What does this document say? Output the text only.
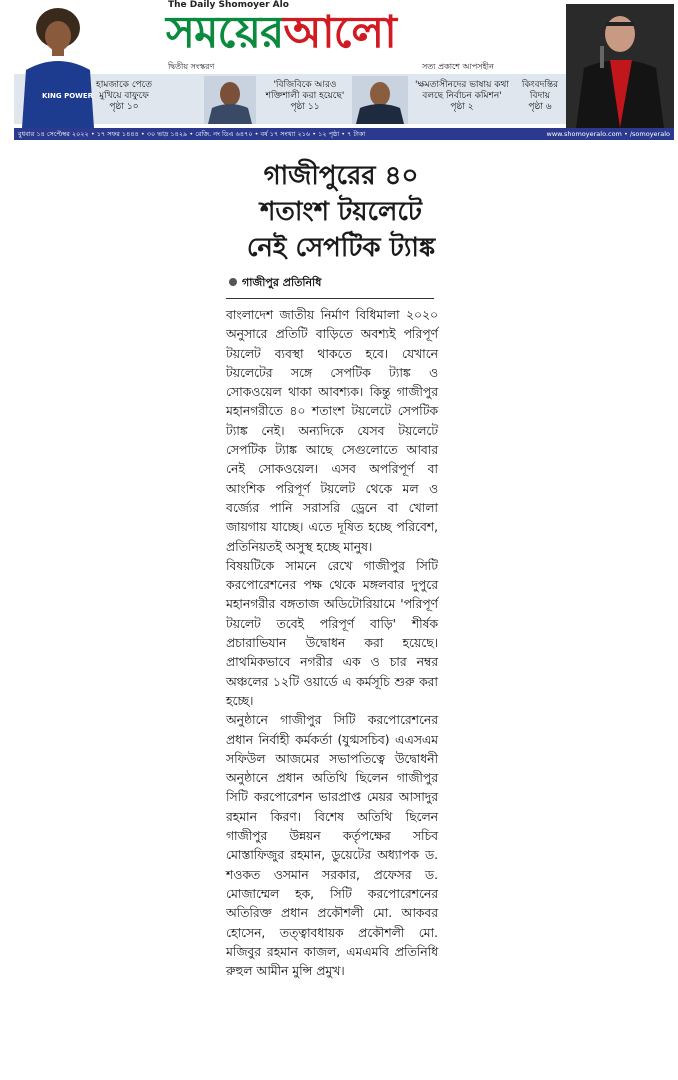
The Daily Shomoyer Alo
সময়েরআলো
দ্বিতীয় সংস্করণ	সত্য প্রকাশে আপসহীন
KING POWER
হামজাকে পেতে
মুখিয়ে বাফুফে
পৃষ্ঠা ১০
'বিজিবিকে আরও
শক্তিশালী করা হয়েছে'
পৃষ্ঠা ১১
'ক্ষমতাসীনদের ভাষায় কথা
বলছে নির্বাচন কমিশন'
পৃষ্ঠা ২
কিংবদন্তির
বিদায়
পৃষ্ঠা ৬
বুধবার ১৪ সেপ্টেম্বর ২০২২ • ১৭ সফর ১৪৪৪ • ৩০ ভাদ্র ১৪২৯ • রেজি. নং ডিএ ৬৪৭০ • বর্ষ ১৭ সংখ্যা ২১৬ • ১২ পৃষ্ঠা • ৭ টাকা	www.shomoyeralo.com • /somoyeralo
গাজীপুরের ৪০
শতাংশ টয়লেটে
নেই সেপটিক ট্যাঙ্ক
গাজীপুর প্রতিনিধি

বাংলাদেশ জাতীয় নির্মাণ বিধিমালা ২০২০ অনুসারে প্রতিটি বাড়িতে অবশ্যই পরিপূর্ণ টয়লেট ব্যবস্থা থাকতে হবে। যেখানে টয়লেটের সঙ্গে সেপটিক ট্যাঙ্ক ও সোকওয়েল থাকা আবশ্যক। কিন্তু গাজীপুর মহানগরীতে ৪০ শতাংশ টয়লেটে সেপটিক ট্যাঙ্ক নেই। অন্যদিকে যেসব টয়লেটে সেপটিক ট্যাঙ্ক আছে সেগুলোতে আবার নেই সোকওয়েল। এসব অপরিপূর্ণ বা আংশিক পরিপূর্ণ টয়লেট থেকে মল ও বর্জ্যের পানি সরাসরি ড্রেনে বা খোলা জায়গায় যাচ্ছে। এতে দূষিত হচ্ছে পরিবেশ, প্রতিনিয়তই অসুস্থ হচ্ছে মানুষ।

বিষয়টিকে সামনে রেখে গাজীপুর সিটি করপোরেশনের পক্ষ থেকে মঙ্গলবার দুপুরে মহানগরীর বঙ্গতাজ অডিটোরিয়ামে 'পরিপূর্ণ টয়লেট তবেই পরিপূর্ণ বাড়ি' শীর্ষক প্রচারাভিযান উদ্বোধন করা হয়েছে। প্রাথমিকভাবে নগরীর এক ও চার নম্বর অঞ্চলের ১২টি ওয়ার্ডে এ কর্মসূচি শুরু করা হচ্ছে।

অনুষ্ঠানে গাজীপুর সিটি করপোরেশনের প্রধান নির্বাহী কর্মকর্তা (যুগ্মসচিব) এএসএম সফিউল আজমের সভাপতিত্বে উদ্বোধনী অনুষ্ঠানে প্রধান অতিথি ছিলেন গাজীপুর সিটি করপোরেশন ভারপ্রাপ্ত মেয়র আসাদুর রহমান কিরণ। বিশেষ অতিথি ছিলেন গাজীপুর উন্নয়ন কর্তৃপক্ষের সচিব মোস্তাফিজুর রহমান, ডুয়েটের অধ্যাপক ড. শওকত ওসমান সরকার, প্রফেসর ড. মোজাম্মেল হক, সিটি করপোরেশনের অতিরিক্ত প্রধান প্রকৌশলী মো. আকবর হোসেন, তত্ত্বাবধায়ক প্রকৌশলী মো. মজিবুর রহমান কাজল, এমএমবি প্রতিনিধি রুহুল আমীন মুন্সি প্রমুখ।
